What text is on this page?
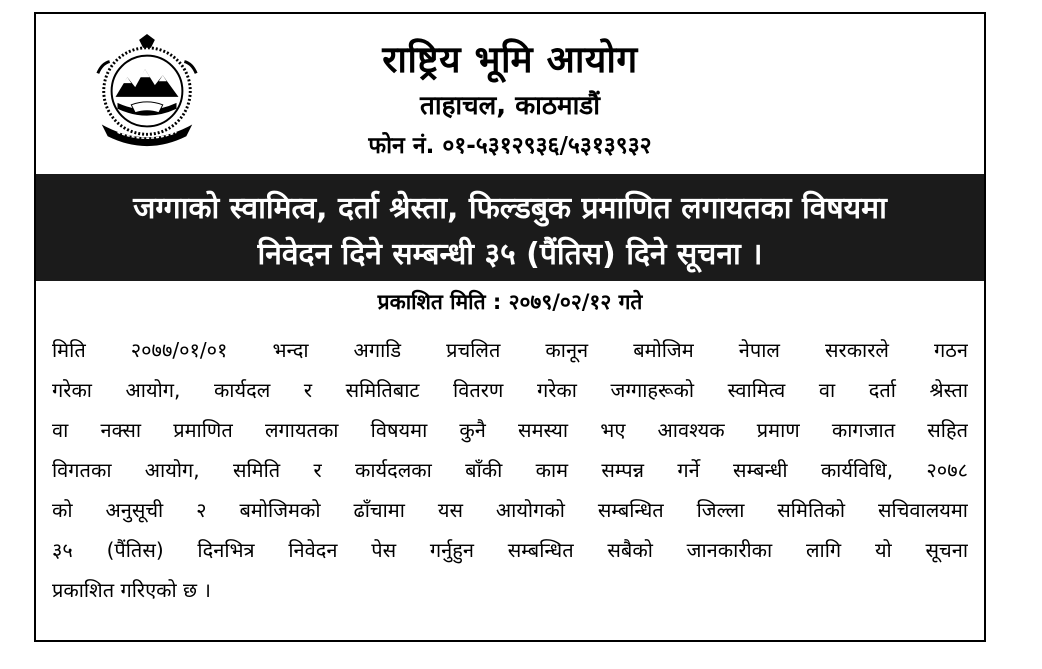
राष्ट्रिय भूमि आयोग
ताहाचल, काठमाडौं
फोन नं. ०१-५३१२९३६/५३१३९३२
जग्गाको स्वामित्व, दर्ता श्रेस्ता, फिल्डबुक प्रमाणित लगायतका विषयमा
निवेदन दिने सम्बन्धी ३५ (पैंतिस) दिने सूचना ।
प्रकाशित मिति : २०७९/०२/१२ गते
मिति २०७७/०१/०१ भन्दा अगाडि प्रचलित कानून बमोजिम नेपाल सरकारले गठन
गरेका आयोग, कार्यदल र समितिबाट वितरण गरेका जग्गाहरूको स्वामित्व वा दर्ता श्रेस्ता
वा नक्सा प्रमाणित लगायतका विषयमा कुनै समस्या भए आवश्यक प्रमाण कागजात सहित
विगतका आयोग, समिति र कार्यदलका बाँकी काम सम्पन्न गर्ने सम्बन्धी कार्यविधि, २०७८
को अनुसूची २ बमोजिमको ढाँचामा यस आयोगको सम्बन्धित जिल्ला समितिको सचिवालयमा
३५ (पैंतिस) दिनभित्र निवेदन पेस गर्नुहुन सम्बन्धित सबैको जानकारीका लागि यो सूचना
प्रकाशित गरिएको छ ।
